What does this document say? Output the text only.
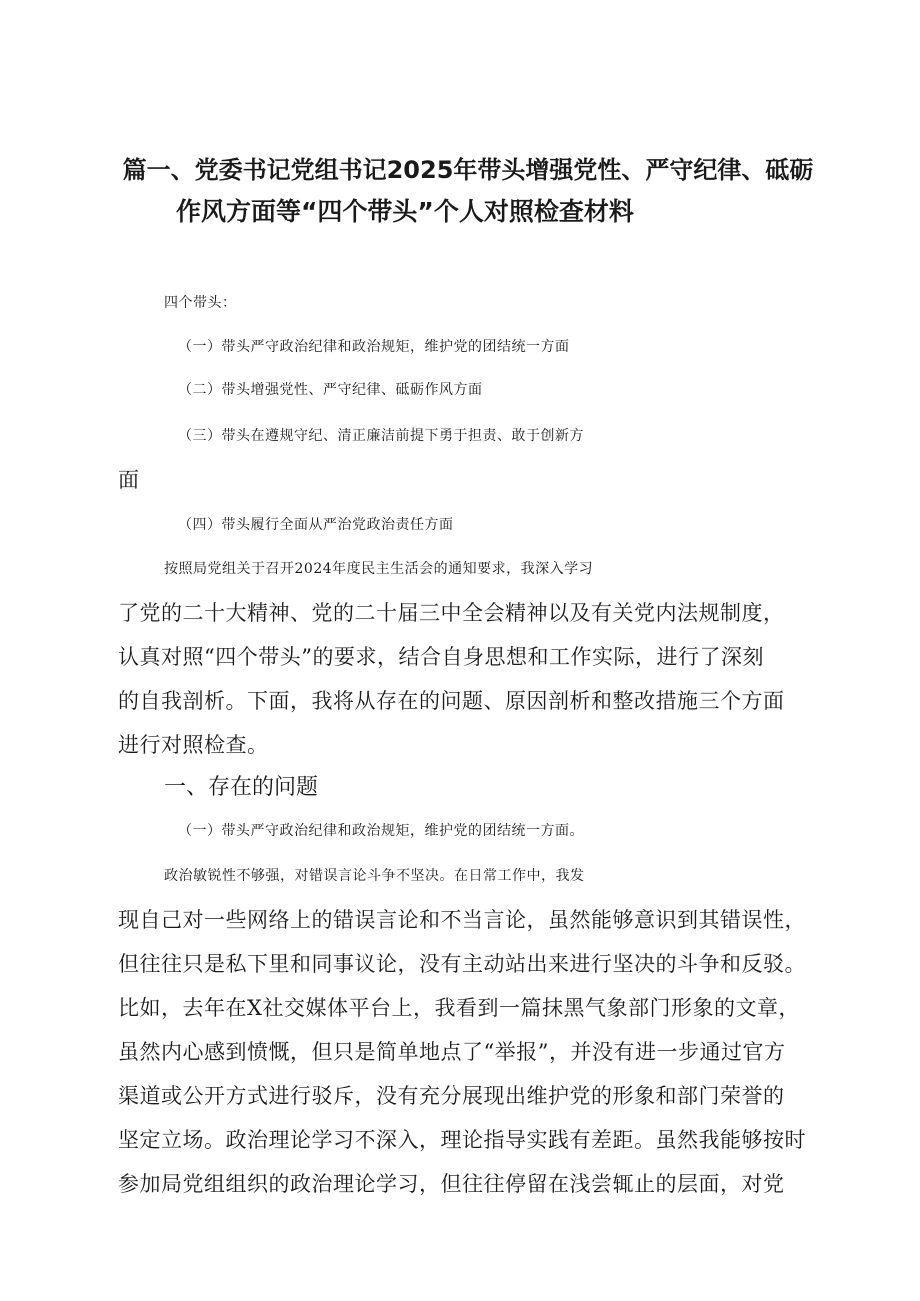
篇一、党委书记党组书记2025年带头增强党性、严守纪律、砥砺
作风方面等“四个带头”个人对照检查材料
四个带头：
（一）带头严守政治纪律和政治规矩，维护党的团结统一方面
（二）带头增强党性、严守纪律、砥砺作风方面
（三）带头在遵规守纪、清正廉洁前提下勇于担责、敢于创新方
面
（四）带头履行全面从严治党政治责任方面
按照局党组关于召开2024年度民主生活会的通知要求，我深入学习
了党的二十大精神、党的二十届三中全会精神以及有关党内法规制度，
认真对照“四个带头”的要求，结合自身思想和工作实际，进行了深刻
的自我剖析。下面，我将从存在的问题、原因剖析和整改措施三个方面
进行对照检查。
一、存在的问题
（一）带头严守政治纪律和政治规矩，维护党的团结统一方面。
政治敏锐性不够强，对错误言论斗争不坚决。在日常工作中，我发
现自己对一些网络上的错误言论和不当言论，虽然能够意识到其错误性，
但往往只是私下里和同事议论，没有主动站出来进行坚决的斗争和反驳。
比如，去年在X社交媒体平台上，我看到一篇抹黑气象部门形象的文章，
虽然内心感到愤慨，但只是简单地点了“举报”，并没有进一步通过官方
渠道或公开方式进行驳斥，没有充分展现出维护党的形象和部门荣誉的
坚定立场。政治理论学习不深入，理论指导实践有差距。虽然我能够按时
参加局党组组织的政治理论学习，但往往停留在浅尝辄止的层面，对党
